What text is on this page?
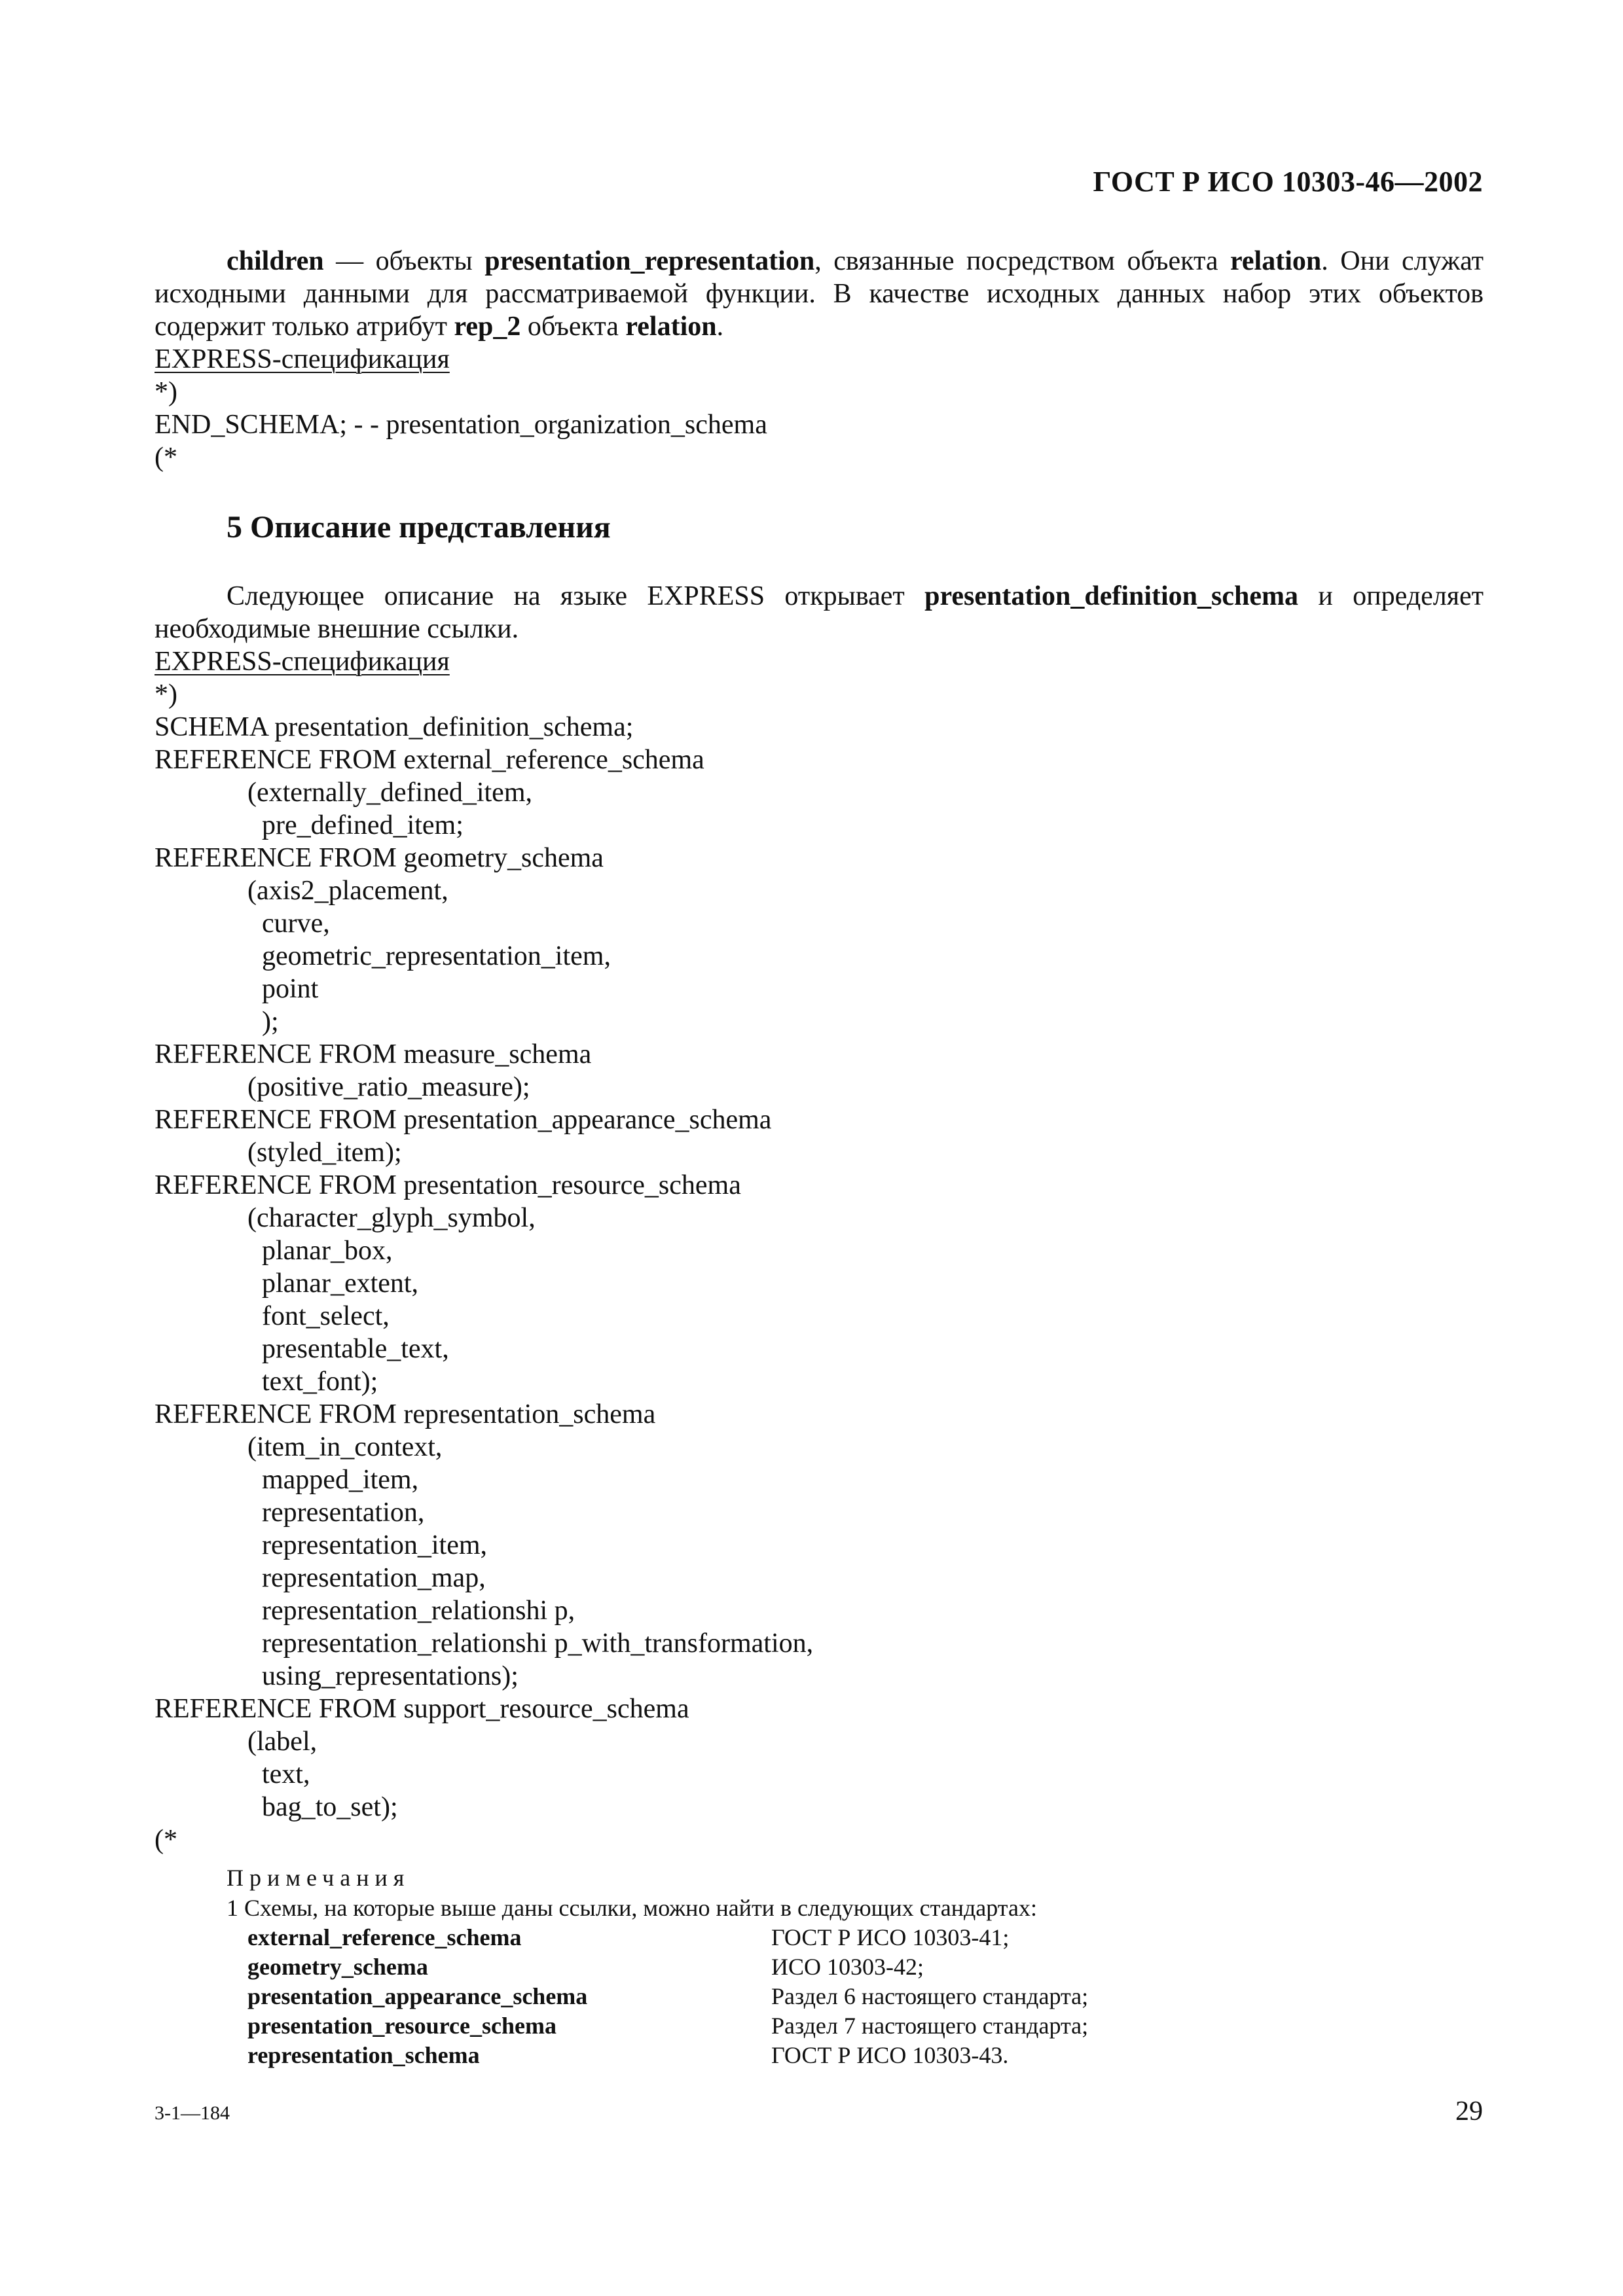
ГОСТ Р ИСО 10303-46—2002
children — объекты presentation_representation, связанные посредством объекта relation. Они служат исходными данными для рассматриваемой функции. В качестве исходных данных набор этих объектов содержит только атрибут rep_2 объекта relation.
EXPRESS-спецификация
*)
END_SCHEMA; - - presentation_organization_schema
(*
5 Описание представления
Следующее описание на языке EXPRESS открывает presentation_definition_schema и определяет необходимые внешние ссылки.
EXPRESS-спецификация
*)
SCHEMA presentation_definition_schema;
REFERENCE FROM external_reference_schema
(externally_defined_item,
pre_defined_item;
REFERENCE FROM geometry_schema
(axis2_placement,
curve,
geometric_representation_item,
point
);
REFERENCE FROM measure_schema
(positive_ratio_measure);
REFERENCE FROM presentation_appearance_schema
(styled_item);
REFERENCE FROM presentation_resource_schema
(character_glyph_symbol,
planar_box,
planar_extent,
font_select,
presentable_text,
text_font);
REFERENCE FROM representation_schema
(item_in_context,
mapped_item,
representation,
representation_item,
representation_map,
representation_relationshi p,
representation_relationshi p_with_transformation,
using_representations);
REFERENCE FROM support_resource_schema
(label,
text,
bag_to_set);
(*
Примечания
1 Схемы, на которые выше даны ссылки, можно найти в следующих стандартах:
external_reference_schema	ГОСТ Р ИСО 10303-41;
geometry_schema	ИСО 10303-42;
presentation_appearance_schema	Раздел 6 настоящего стандарта;
presentation_resource_schema	Раздел 7 настоящего стандарта;
representation_schema	ГОСТ Р ИСО 10303-43.
3-1—184	29
